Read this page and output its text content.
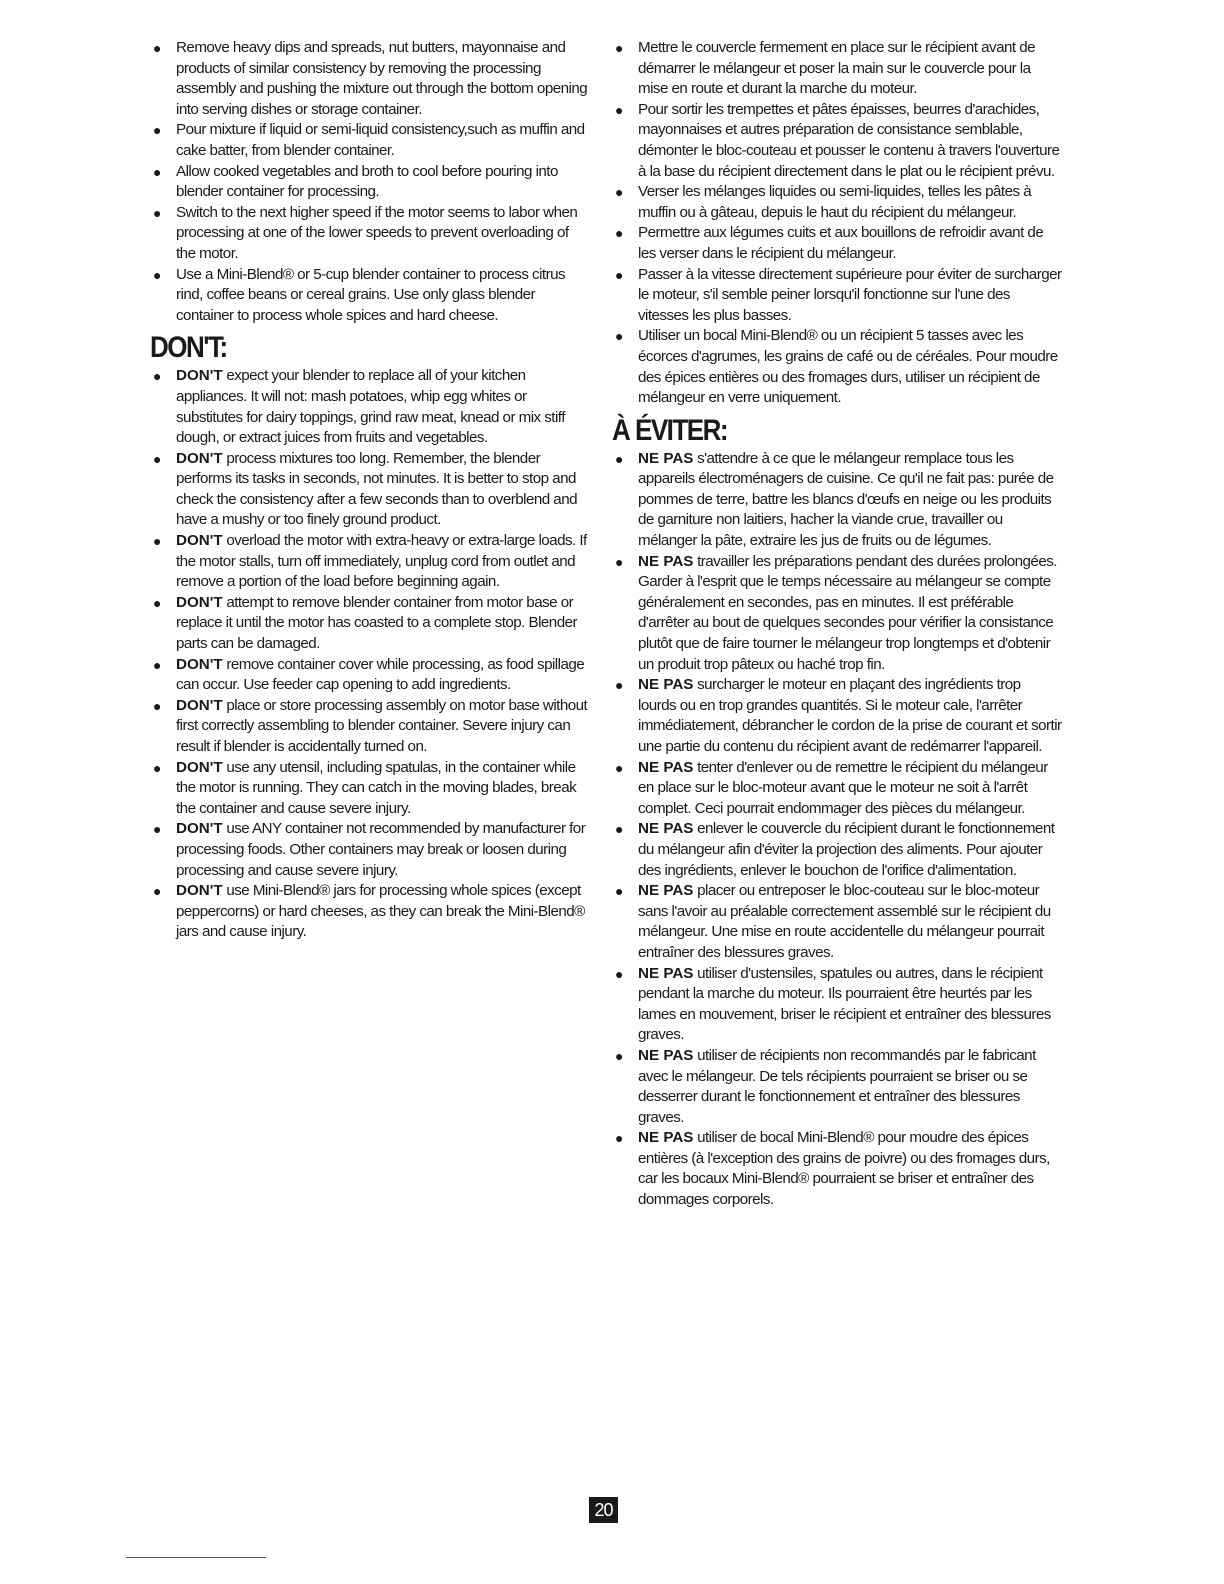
● Remove heavy dips and spreads, nut butters, mayonnaise and products of similar consistency by removing the processing assembly and pushing the mixture out through the bottom opening into serving dishes or storage container.
● Pour mixture if liquid or semi-liquid consistency,such as muffin and cake batter, from blender container.
● Allow cooked vegetables and broth to cool before pouring into blender container for processing.
● Switch to the next higher speed if the motor seems to labor when processing at one of the lower speeds to prevent overloading of the motor.
● Use a Mini-Blend® or 5-cup blender container to process citrus rind, coffee beans or cereal grains. Use only glass blender container to process whole spices and hard cheese.
DON'T:
● DON'T expect your blender to replace all of your kitchen appliances. It will not: mash potatoes, whip egg whites or substitutes for dairy toppings, grind raw meat, knead or mix stiff dough, or extract juices from fruits and vegetables.
● DON'T process mixtures too long. Remember, the blender performs its tasks in seconds, not minutes. It is better to stop and check the consistency after a few seconds than to overblend and have a mushy or too finely ground product.
● DON'T overload the motor with extra-heavy or extra-large loads. If the motor stalls, turn off immediately, unplug cord from outlet and remove a portion of the load before beginning again.
● DON'T attempt to remove blender container from motor base or replace it until the motor has coasted to a complete stop. Blender parts can be damaged.
● DON'T remove container cover while processing, as food spillage can occur. Use feeder cap opening to add ingredients.
● DON'T place or store processing assembly on motor base without first correctly assembling to blender container. Severe injury can result if blender is accidentally turned on.
● DON'T use any utensil, including spatulas, in the container while the motor is running. They can catch in the moving blades, break the container and cause severe injury.
● DON'T use ANY container not recommended by manufacturer for processing foods. Other containers may break or loosen during processing and cause severe injury.
● DON'T use Mini-Blend® jars for processing whole spices (except peppercorns) or hard cheeses, as they can break the Mini-Blend® jars and cause injury.
● Mettre le couvercle fermement en place sur le récipient avant de démarrer le mélangeur et poser la main sur le couvercle pour la mise en route et durant la marche du moteur.
● Pour sortir les trempettes et pâtes épaisses, beurres d'arachides, mayonnaises et autres préparation de consistance semblable, démonter le bloc-couteau et pousser le contenu à travers l'ouverture à la base du récipient directement dans le plat ou le récipient prévu.
● Verser les mélanges liquides ou semi-liquides, telles les pâtes à muffin ou à gâteau, depuis le haut du récipient du mélangeur.
● Permettre aux légumes cuits et aux bouillons de refroidir avant de les verser dans le récipient du mélangeur.
● Passer à la vitesse directement supérieure pour éviter de surcharger le moteur, s'il semble peiner lorsqu'il fonctionne sur l'une des vitesses les plus basses.
● Utiliser un bocal Mini-Blend® ou un récipient 5 tasses avec les écorces d'agrumes, les grains de café ou de céréales. Pour moudre des épices entières ou des fromages durs, utiliser un récipient de mélangeur en verre uniquement.
À ÉVITER:
● NE PAS s'attendre à ce que le mélangeur remplace tous les appareils électroménagers de cuisine. Ce qu'il ne fait pas: purée de pommes de terre, battre les blancs d'œufs en neige ou les produits de garniture non laitiers, hacher la viande crue, travailler ou mélanger la pâte, extraire les jus de fruits ou de légumes.
● NE PAS travailler les préparations pendant des durées prolongées. Garder à l'esprit que le temps nécessaire au mélangeur se compte généralement en secondes, pas en minutes. Il est préférable d'arrêter au bout de quelques secondes pour vérifier la consistance plutôt que de faire tourner le mélangeur trop longtemps et d'obtenir un produit trop pâteux ou haché trop fin.
● NE PAS surcharger le moteur en plaçant des ingrédients trop lourds ou en trop grandes quantités. Si le moteur cale, l'arrêter immédiatement, débrancher le cordon de la prise de courant et sortir une partie du contenu du récipient avant de redémarrer l'appareil.
● NE PAS tenter d'enlever ou de remettre le récipient du mélangeur en place sur le bloc-moteur avant que le moteur ne soit à l'arrêt complet. Ceci pourrait endommager des pièces du mélangeur.
● NE PAS enlever le couvercle du récipient durant le fonctionnement du mélangeur afin d'éviter la projection des aliments. Pour ajouter des ingrédients, enlever le bouchon de l'orifice d'alimentation.
● NE PAS placer ou entreposer le bloc-couteau sur le bloc-moteur sans l'avoir au préalable correctement assemblé sur le récipient du mélangeur. Une mise en route accidentelle du mélangeur pourrait entraîner des blessures graves.
● NE PAS utiliser d'ustensiles, spatules ou autres, dans le récipient pendant la marche du moteur. Ils pourraient être heurtés par les lames en mouvement, briser le récipient et entraîner des blessures graves.
● NE PAS utiliser de récipients non recommandés par le fabricant avec le mélangeur. De tels récipients pourraient se briser ou se desserrer durant le fonctionnement et entraîner des blessures graves.
● NE PAS utiliser de bocal Mini-Blend® pour moudre des épices entières (à l'exception des grains de poivre) ou des fromages durs, car les bocaux Mini-Blend® pourraient se briser et entraîner des dommages corporels.
20
